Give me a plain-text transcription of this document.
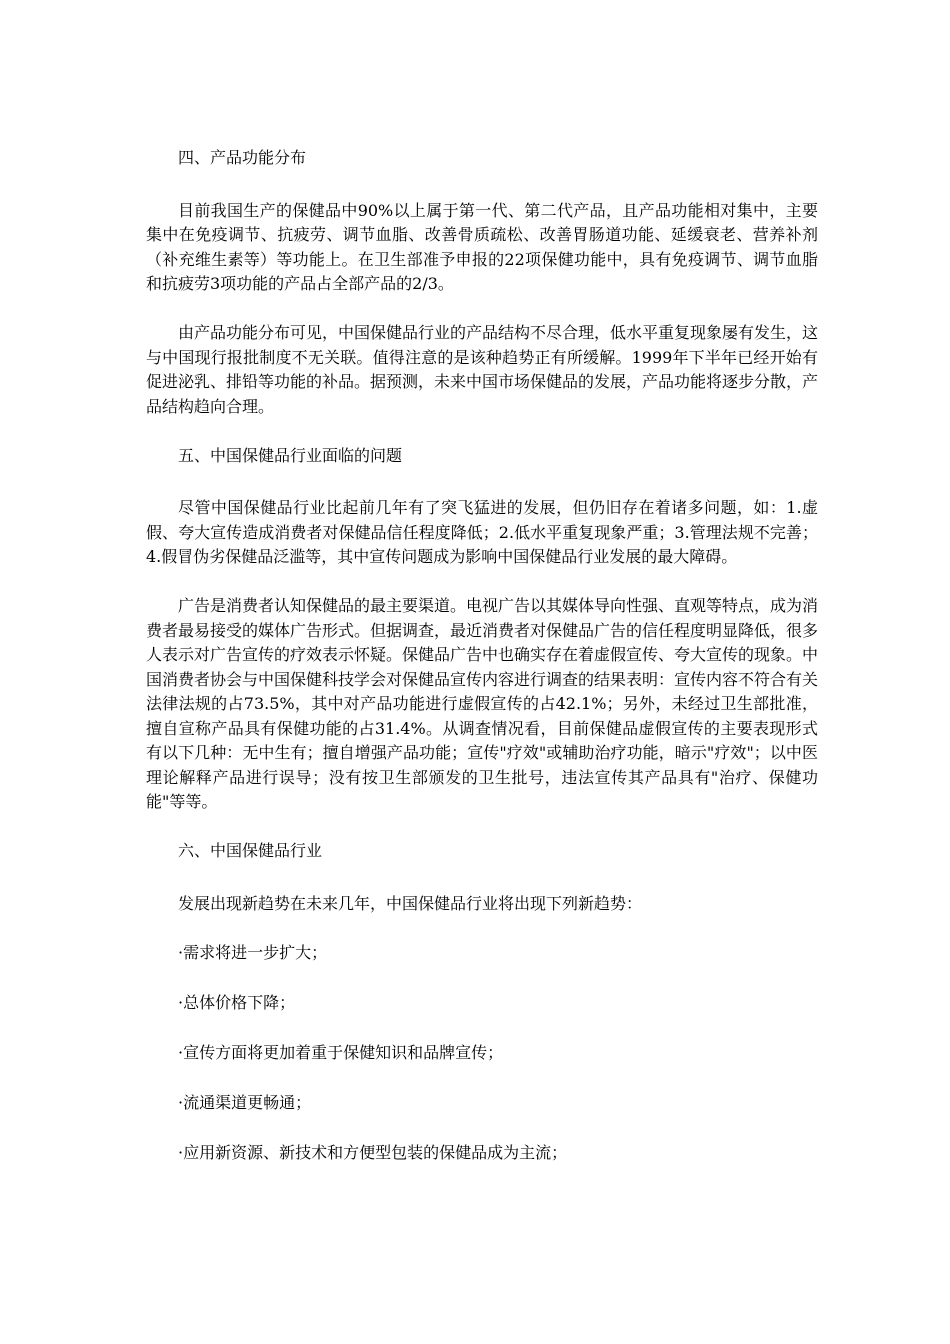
四、产品功能分布

目前我国生产的保健品中90%以上属于第一代、第二代产品，且产品功能相对集中，主要集中在免疫调节、抗疲劳、调节血脂、改善骨质疏松、改善胃肠道功能、延缓衰老、营养补剂（补充维生素等）等功能上。在卫生部准予申报的22项保健功能中，具有免疫调节、调节血脂和抗疲劳3项功能的产品占全部产品的2/3。

由产品功能分布可见，中国保健品行业的产品结构不尽合理，低水平重复现象屡有发生，这与中国现行报批制度不无关联。值得注意的是该种趋势正有所缓解。1999年下半年已经开始有促进泌乳、排铅等功能的补品。据预测，未来中国市场保健品的发展，产品功能将逐步分散，产品结构趋向合理。

五、中国保健品行业面临的问题

尽管中国保健品行业比起前几年有了突飞猛进的发展，但仍旧存在着诸多问题，如：1.虚假、夸大宣传造成消费者对保健品信任程度降低；2.低水平重复现象严重；3.管理法规不完善；4.假冒伪劣保健品泛滥等，其中宣传问题成为影响中国保健品行业发展的最大障碍。

广告是消费者认知保健品的最主要渠道。电视广告以其媒体导向性强、直观等特点，成为消费者最易接受的媒体广告形式。但据调查，最近消费者对保健品广告的信任程度明显降低，很多人表示对广告宣传的疗效表示怀疑。保健品广告中也确实存在着虚假宣传、夸大宣传的现象。中国消费者协会与中国保健科技学会对保健品宣传内容进行调查的结果表明：宣传内容不符合有关法律法规的占73.5%，其中对产品功能进行虚假宣传的占42.1%；另外，未经过卫生部批准，擅自宣称产品具有保健功能的占31.4%。从调查情况看，目前保健品虚假宣传的主要表现形式有以下几种：无中生有；擅自增强产品功能；宣传"疗效"或辅助治疗功能，暗示"疗效"；以中医理论解释产品进行误导；没有按卫生部颁发的卫生批号，违法宣传其产品具有"治疗、保健功能"等等。

六、中国保健品行业

发展出现新趋势在未来几年，中国保健品行业将出现下列新趋势：

·需求将进一步扩大；

·总体价格下降；

·宣传方面将更加着重于保健知识和品牌宣传；

·流通渠道更畅通；

·应用新资源、新技术和方便型包装的保健品成为主流；
